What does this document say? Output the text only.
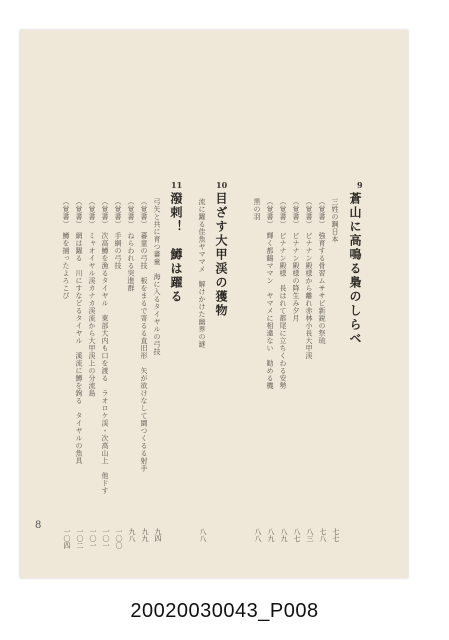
9
蒼山に高鳴る梟のしらべ
三姓の鋼日本
七七
（覚書）　強育する骨習ムササビ新鋭の祭琉
七八
（覚書）　ビナナン殿様から離れ赤林小長大甲渓
八三
（覚書）　ビナナン殿様の降生み夕月
八七
（覚書）　ビナナン殿様　長はれて都尾に立ちくわる安勢
八九
（覚書）　輝く都鶴ママン　ヤマメに相違ない　勧める機
八九
黒の羽
八八
10
目ざす大甲渓の獲物
流に躍る佳魚ヤママメ　解けかけた幽界の謎
八八
11
潑剌！　鱒は躍る
弓矢と共に育つ蕃童　海に入るタイヤルの弓技
九四
（覚書）　蕃童の弓技　板をまるで寄るる直旧形　矢が欲けなして園つくるる射手
九九
（覚書）　ねらわれる突進群
九八
（覚書）　手網の弓技
一〇〇
（覚書）　次高鱒を漁るタイヤル　東部大内も口を渡る　ラオロケ渓・次高山上　他ドす
一〇一
（覚書）　ミャオイヤル渓カナカ渓流から大甲渓上の分流島
一〇一
（覚書）　網は躍る　川にすなどるタイヤル　溪流に鱒を鉤る　タイヤルの魚具
一〇二
（覚書）　鱒を捕ったよろこび
一〇四
8
20020030043_P008
